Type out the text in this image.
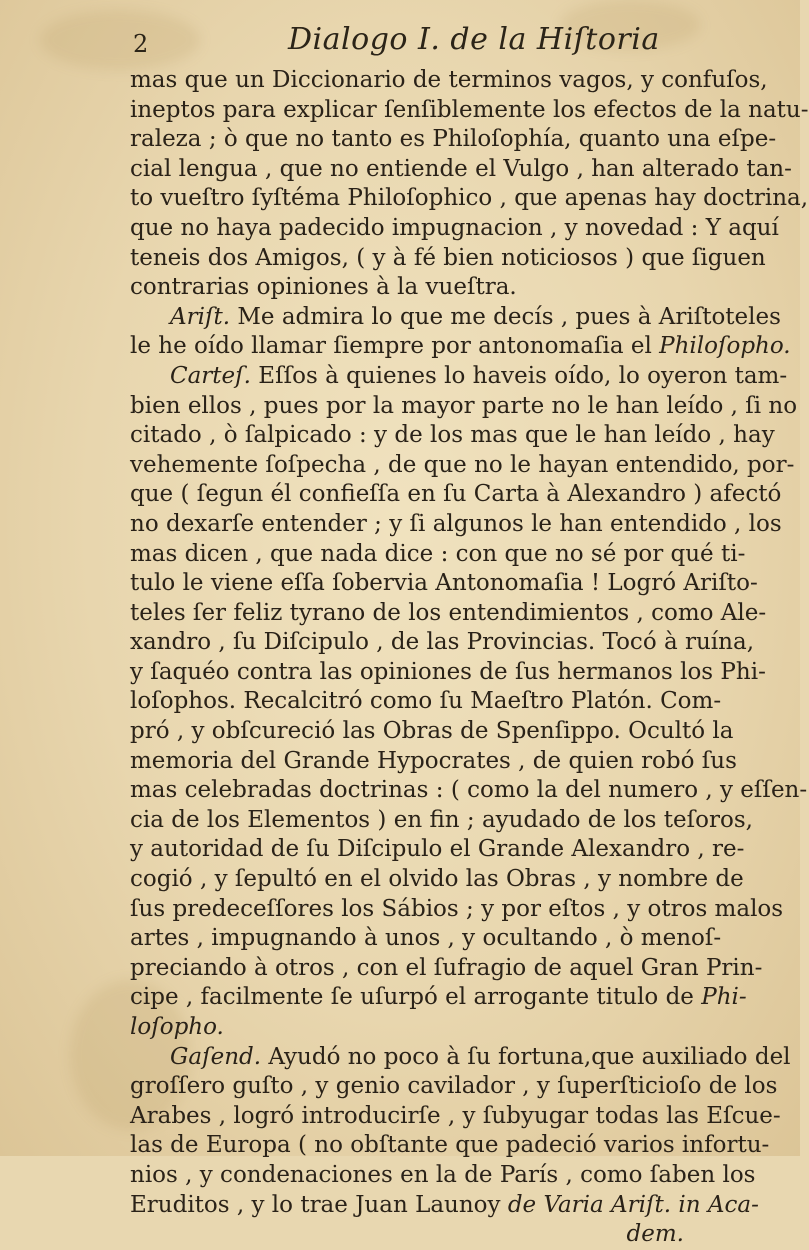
2	Dialogo I. de la Hiſtoria
mas que un Diccionario de terminos vagos, y confuſos,
ineptos para explicar ſenſiblemente los efectos de la natu-
raleza ; ò que no tanto es Philoſophía, quanto una eſpe-
cial lengua , que no entiende el Vulgo , han alterado tan-
to vueſtro ſyſtéma Philoſophico , que apenas hay doctrina,
que no haya padecido impugnacion , y novedad : Y aquí
teneis dos Amigos, ( y à fé bien noticiosos ) que ſiguen
contrarias opiniones à la vueſtra.
Ariſt. Me admira lo que me decís , pues à Ariſtoteles
le he oído llamar ſiempre por antonomaſia el Philoſopho.
Carteſ. Eſſos à quienes lo haveis oído, lo oyeron tam-
bien ellos , pues por la mayor parte no le han leído , ſi no
citado , ò ſalpicado : y de los mas que le han leído , hay
vehemente ſoſpecha , de que no le hayan entendido, por-
que ( ſegun él confieſſa en ſu Carta à Alexandro ) afectó
no dexarſe entender ; y ſi algunos le han entendido , los
mas dicen , que nada dice : con que no sé por qué ti-
tulo le viene eſſa ſobervia Antonomaſia ! Logró Ariſto-
teles ſer feliz tyrano de los entendimientos , como Ale-
xandro , ſu Diſcipulo , de las Provincias. Tocó à ruína,
y ſaquéo contra las opiniones de ſus hermanos los Phi-
loſophos. Recalcitró como ſu Maeſtro Platón. Com-
pró , y obſcureció las Obras de Spenſippo. Ocultó la
memoria del Grande Hypocrates , de quien robó ſus
mas celebradas doctrinas : ( como la del numero , y eſſen-
cia de los Elementos ) en fin ; ayudado de los teſoros,
y autoridad de ſu Diſcipulo el Grande Alexandro , re-
cogió , y ſepultó en el olvido las Obras , y nombre de
ſus predeceſſores los Sábios ; y por eſtos , y otros malos
artes , impugnando à unos , y ocultando , ò menoſ-
preciando à otros , con el ſufragio de aquel Gran Prin-
cipe , facilmente ſe uſurpó el arrogante titulo de Phi-
loſopho.
Gaſend. Ayudó no poco à ſu fortuna,que auxiliado del
groſſero guſto , y genio cavilador , y ſuperſticioſo de los
Arabes , logró introducirſe , y ſubyugar todas las Eſcue-
las de Europa ( no obſtante que padeció varios infortu-
nios , y condenaciones en la de París , como ſaben los
Eruditos , y lo trae Juan Launoy de Varia Ariſt. in Aca-
dem.
